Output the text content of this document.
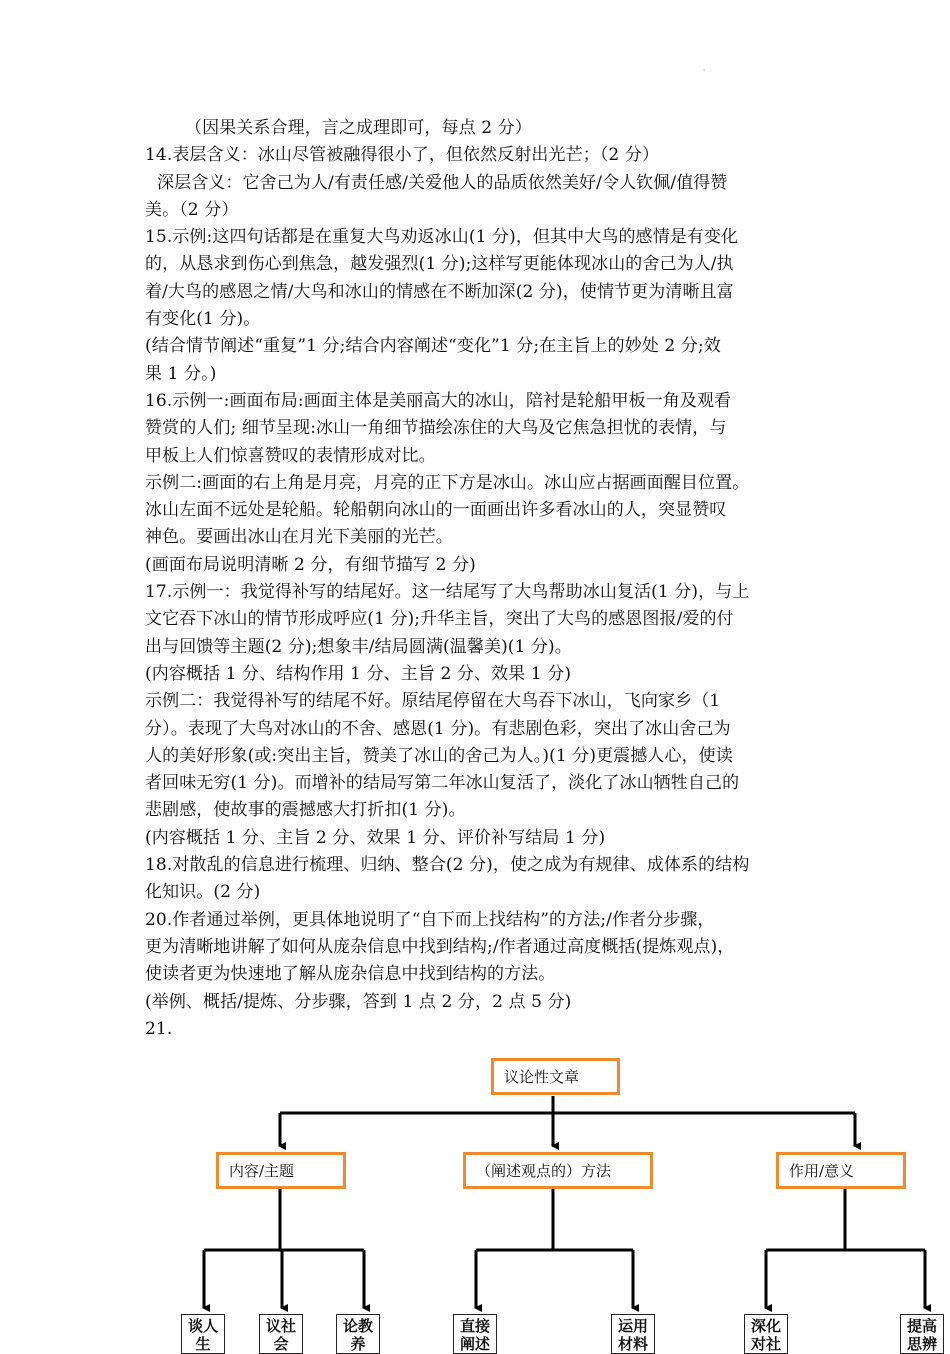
'
（因果关系合理，言之成理即可，每点 2 分）
14.表层含义：冰山尽管被融得很小了，但依然反射出光芒；（2 分）
深层含义：它舍己为人/有责任感/关爱他人的品质依然美好/令人钦佩/值得赞
美。（2 分）
15.示例:这四句话都是在重复大鸟劝返冰山(1 分)，但其中大鸟的感情是有变化
的，从恳求到伤心到焦急，越发强烈(1 分);这样写更能体现冰山的舍己为人/执
着/大鸟的感恩之情/大鸟和冰山的情感在不断加深(2 分)，使情节更为清晰且富
有变化(1 分)。
(结合情节阐述“重复”1 分;结合内容阐述“变化”1 分;在主旨上的妙处 2 分;效
果 1 分。)
16.示例一:画面布局:画面主体是美丽高大的冰山，陪衬是轮船甲板一角及观看
赞赏的人们; 细节呈现:冰山一角细节描绘冻住的大鸟及它焦急担忧的表情，与
甲板上人们惊喜赞叹的表情形成对比。
示例二:画面的右上角是月亮，月亮的正下方是冰山。冰山应占据画面醒目位置。
冰山左面不远处是轮船。轮船朝向冰山的一面画出许多看冰山的人，突显赞叹
神色。要画出冰山在月光下美丽的光芒。
(画面布局说明清晰 2 分，有细节描写 2 分)
17.示例一：我觉得补写的结尾好。这一结尾写了大鸟帮助冰山复活(1 分)，与上
文它吞下冰山的情节形成呼应(1 分);升华主旨，突出了大鸟的感恩图报/爱的付
出与回馈等主题(2 分);想象丰/结局圆满(温馨美)(1 分)。
(内容概括 1 分、结构作用 1 分、主旨 2 分、效果 1 分)
示例二：我觉得补写的结尾不好。原结尾停留在大鸟吞下冰山，飞向家乡（1
分）。表现了大鸟对冰山的不舍、感恩(1 分)。有悲剧色彩，突出了冰山舍己为
人的美好形象(或:突出主旨，赞美了冰山的舍己为人。)(1 分)更震撼人心，使读
者回味无穷(1 分)。而增补的结局写第二年冰山复活了，淡化了冰山牺牲自己的
悲剧感，使故事的震撼感大打折扣(1 分)。
(内容概括 1 分、主旨 2 分、效果 1 分、评价补写结局 1 分)
18.对散乱的信息进行梳理、归纳、整合(2 分)，使之成为有规律、成体系的结构
化知识。(2 分)
20.作者通过举例，更具体地说明了“自下而上找结构”的方法;/作者分步骤，
更为清晰地讲解了如何从庞杂信息中找到结构;/作者通过高度概括(提炼观点)，
使读者更为快速地了解从庞杂信息中找到结构的方法。
(举例、概括/提炼、分步骤，答到 1 点 2 分，2 点 5 分)
21.
议论性文章
内容/主题	（阐述观点的）方法	作用/意义
谈人生
议社会
论教养
直接阐述
运用材料
深化对社
提高思辨
